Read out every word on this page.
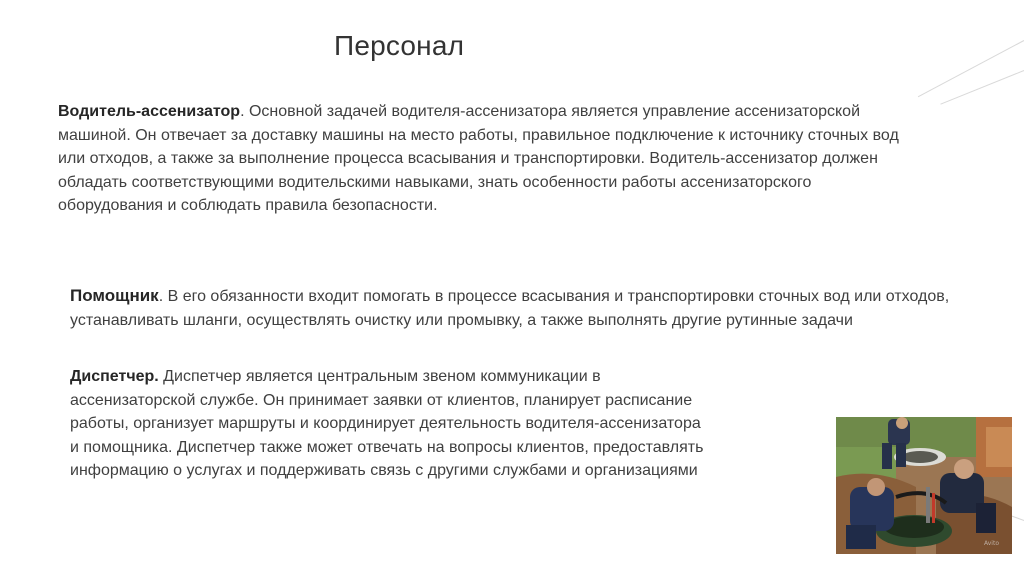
Персонал
Водитель-ассенизатор. Основной задачей водителя-ассенизатора является управление ассенизаторской машиной. Он отвечает за доставку машины на место работы, правильное подключение к источнику сточных вод или отходов, а также за выполнение процесса всасывания и транспортировки. Водитель-ассенизатор должен обладать соответствующими водительскими навыками, знать особенности работы ассенизаторского оборудования и соблюдать правила безопасности.
Помощник. В его обязанности входит помогать в процессе всасывания и транспортировки сточных вод или отходов, устанавливать шланги, осуществлять очистку или промывку, а также выполнять другие рутинные задачи
Диспетчер. Диспетчер является центральным звеном коммуникации в ассенизаторской службе. Он принимает заявки от клиентов, планирует расписание работы, организует маршруты и координирует деятельность водителя-ассенизатора и помощника. Диспетчер также может отвечать на вопросы клиентов, предоставлять информацию о услугах и поддерживать связь с другими службами и организациями
Avito
